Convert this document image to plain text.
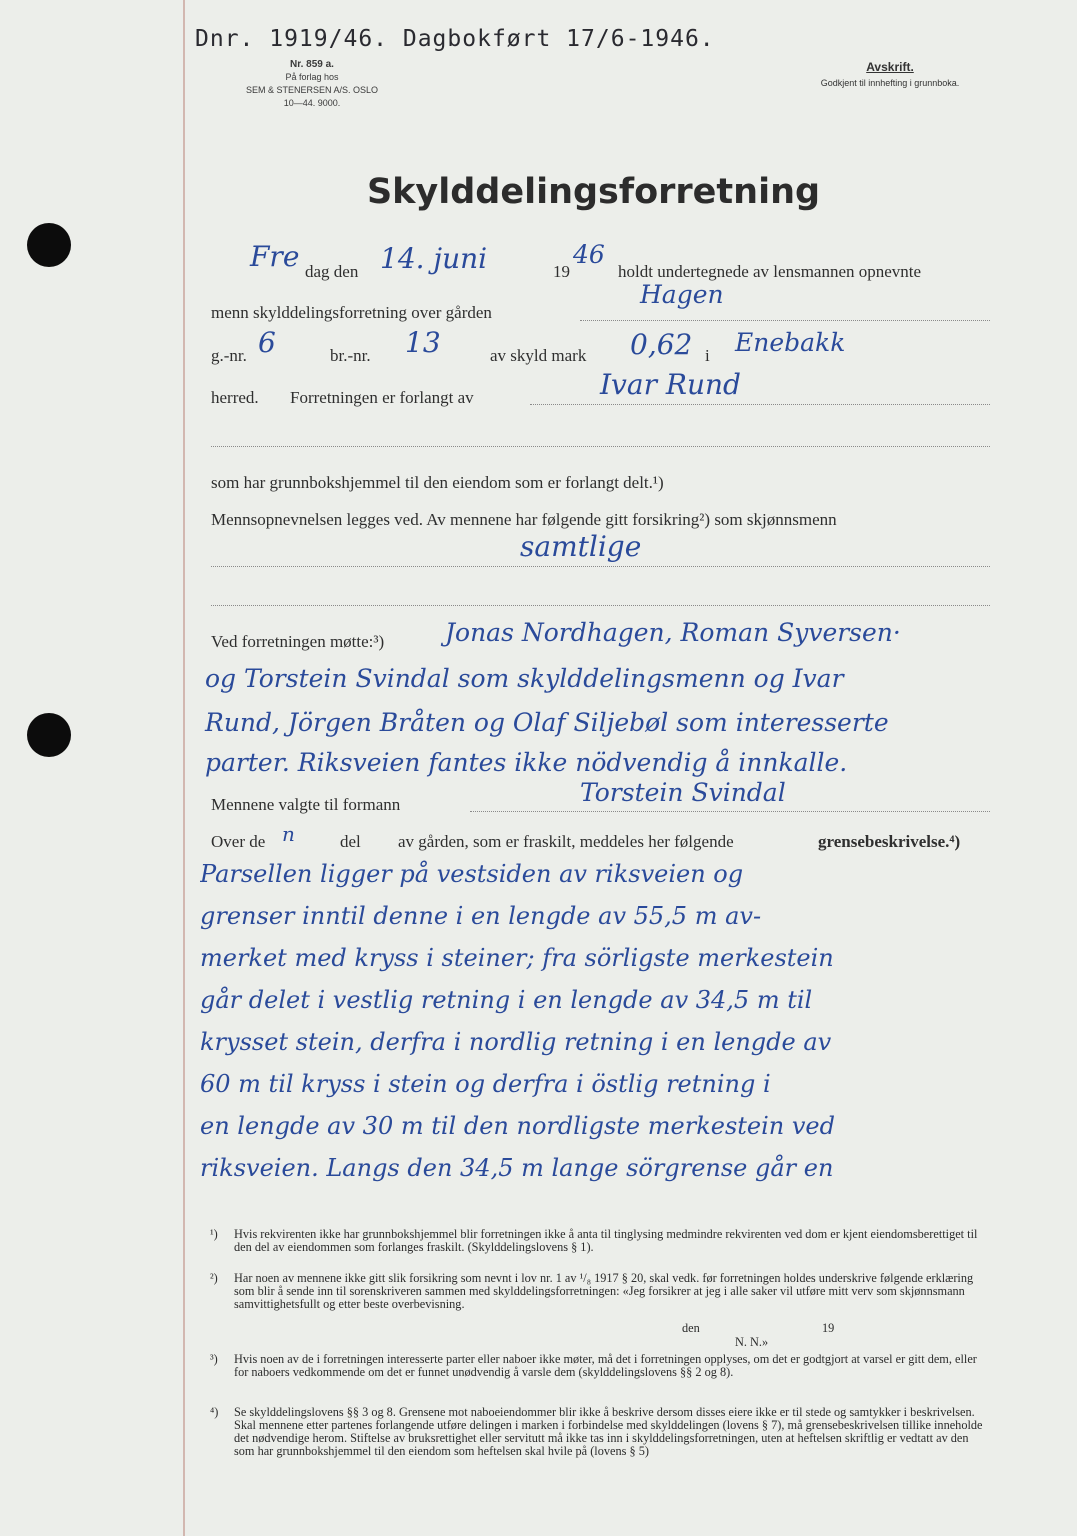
Dnr. 1919/46. Dagbokført 17/6-1946.
Nr. 859 a.
På forlag hos
SEM & STENERSEN A/S. OSLO
10—44. 9000.
Avskrift.
Godkjent til innhefting i grunnboka.
Skylddelingsforretning
Fre dag den 14. juni	19
46
holdt undertegnede av lensmannen opnevnte
menn skylddelingsforretning over gården
Hagen
g.-nr. 6	br.-nr. 13	av skyld mark 0,62 i Enebakk
herred. Forretningen er forlangt av	Ivar Rund
som har grunnbokshjemmel til den eiendom som er forlangt delt.¹)
Mennsopnevnelsen legges ved. Av mennene har følgende gitt forsikring²) som skjønnsmenn
samtlige
Ved forretningen møtte:³) Jonas Nordhagen, Roman Syversen·
og Torstein Svindal som skylddelingsmenn og Ivar
Rund, Jörgen Bråten og Olaf Siljebøl som interesserte
parter. Riksveien fantes ikke nödvendig å innkalle.
Mennene valgte til formann	Torstein Svindal
Over de n	del av gården, som er fraskilt, meddeles her følgende	grensebeskrivelse.⁴)
Parsellen ligger på vestsiden av riksveien og
grenser inntil denne i en lengde av 55,5 m av-
merket med kryss i steiner; fra sörligste merkestein
går delet i vestlig retning i en lengde av 34,5 m til
krysset stein, derfra i nordlig retning i en lengde av
60 m til kryss i stein og derfra i östlig retning i
en lengde av 30 m til den nordligste merkestein ved
riksveien. Langs den 34,5 m lange sörgrense går en
¹) Hvis rekvirenten ikke har grunnbokshjemmel blir forretningen ikke å anta til tinglysing medmindre rekvirenten ved dom er kjent eiendomsberettiget til den del av eiendommen som forlanges fraskilt. (Skylddelingslovens § 1).
²) Har noen av mennene ikke gitt slik forsikring som nevnt i lov nr. 1 av ¹/₈ 1917 § 20, skal vedk. før forretningen holdes underskrive følgende erklæring som blir å sende inn til sorenskriveren sammen med skylddelingsforretningen: «Jeg forsikrer at jeg i alle saker vil utføre mitt verv som skjønnsmann samvittighetsfullt og etter beste overbevisning.
den	19
N. N.»
³) Hvis noen av de i forretningen interesserte parter eller naboer ikke møter, må det i forretningen opplyses, om det er godtgjort at varsel er gitt dem, eller for naboers vedkommende om det er funnet unødvendig å varsle dem (skylddelingslovens §§ 2 og 8).
⁴) Se skylddelingslovens §§ 3 og 8. Grensene mot naboeiendommer blir ikke å beskrive dersom disses eiere ikke er til stede og samtykker i beskrivelsen. Skal mennene etter partenes forlangende utføre delingen i marken i forbindelse med skylddelingen (lovens § 7), må grensebeskrivelsen tillike inneholde det nødvendige herom. Stiftelse av bruksrettighet eller servitutt må ikke tas inn i skylddelingsforretningen, uten at heftelsen skriftlig er vedtatt av den som har grunnbokshjemmel til den eiendom som heftelsen skal hvile på (lovens § 5)
